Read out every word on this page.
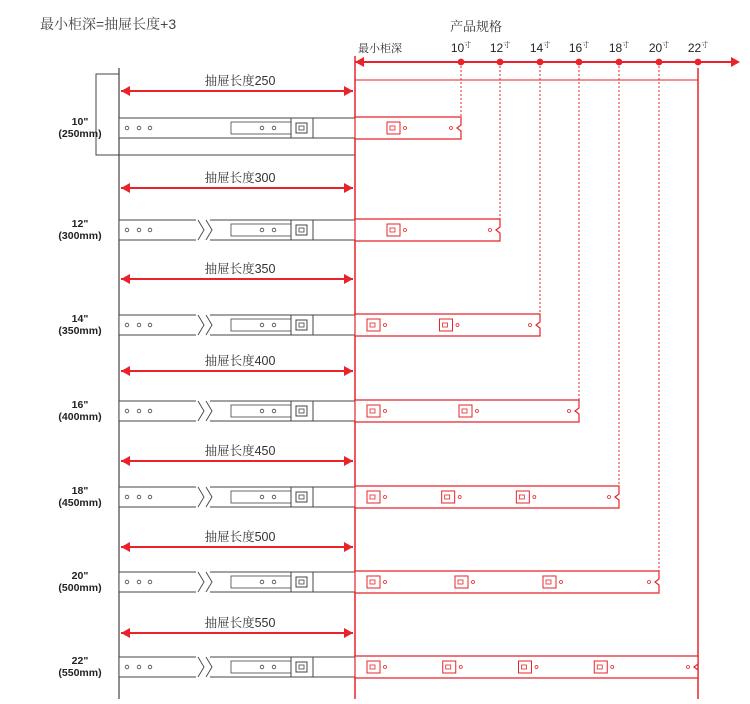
最小柜深=抽屉长度+3	产品规格
最小柜深	$10^寸$ $12^寸$ $14^寸$ $16^寸$ $18^寸$ $20^寸$ $22^寸$
抽屉长度250
抽屉长度300
抽屉长度350
抽屉长度400
抽屉长度450
抽屉长度500
抽屉长度550
10"
(250mm)
12"
(300mm)
14"
(350mm)
16"
(400mm)
18"
(450mm)
20"
(500mm)
22"
(550mm)
